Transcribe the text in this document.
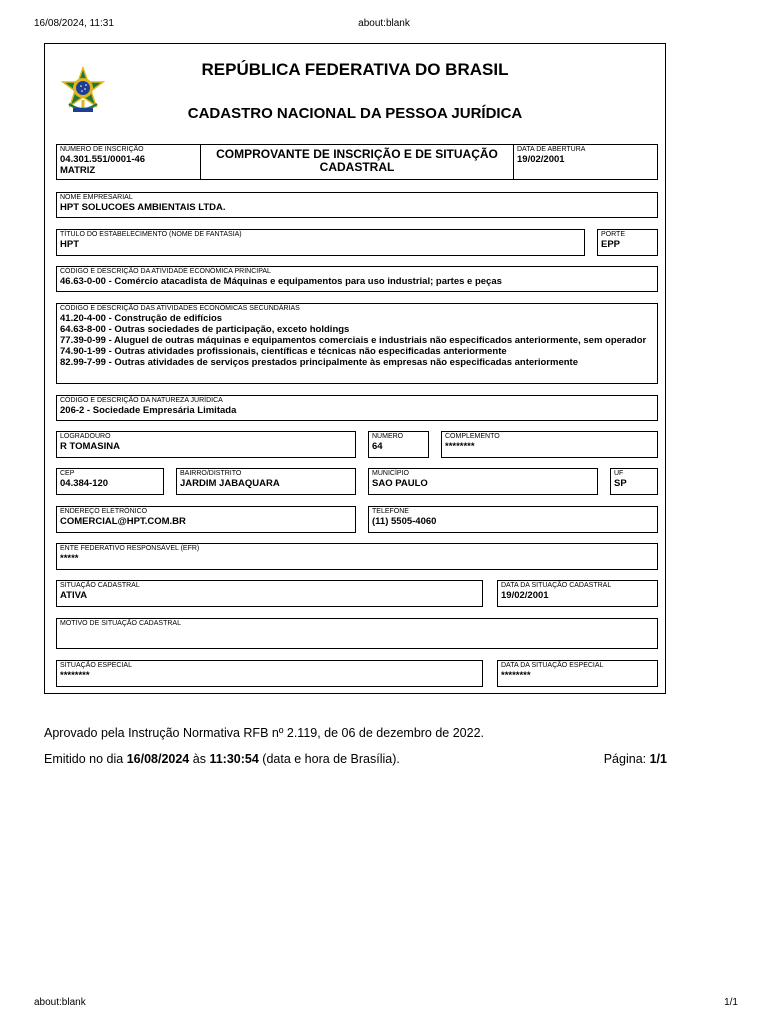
16/08/2024, 11:31	about:blank
REPÚBLICA FEDERATIVA DO BRASIL
CADASTRO NACIONAL DA PESSOA JURÍDICA
NÚMERO DE INSCRIÇÃO
04.301.551/0001-46
MATRIZ
COMPROVANTE DE INSCRIÇÃO E DE SITUAÇÃO CADASTRAL
DATA DE ABERTURA
19/02/2001
NOME EMPRESARIAL
HPT SOLUCOES AMBIENTAIS LTDA.
TÍTULO DO ESTABELECIMENTO (NOME DE FANTASIA)
HPT
PORTE
EPP
CÓDIGO E DESCRIÇÃO DA ATIVIDADE ECONÔMICA PRINCIPAL
46.63-0-00 - Comércio atacadista de Máquinas e equipamentos para uso industrial; partes e peças
CÓDIGO E DESCRIÇÃO DAS ATIVIDADES ECONÔMICAS SECUNDÁRIAS
41.20-4-00 - Construção de edifícios
64.63-8-00 - Outras sociedades de participação, exceto holdings
77.39-0-99 - Aluguel de outras máquinas e equipamentos comerciais e industriais não especificados anteriormente, sem operador
74.90-1-99 - Outras atividades profissionais, científicas e técnicas não especificadas anteriormente
82.99-7-99 - Outras atividades de serviços prestados principalmente às empresas não especificadas anteriormente
CÓDIGO E DESCRIÇÃO DA NATUREZA JURÍDICA
206-2 - Sociedade Empresária Limitada
LOGRADOURO
R TOMASINA
NÚMERO
64
COMPLEMENTO
********
CEP
04.384-120
BAIRRO/DISTRITO
JARDIM JABAQUARA
MUNICÍPIO
SAO PAULO
UF
SP
ENDEREÇO ELETRÔNICO
COMERCIAL@HPT.COM.BR
TELEFONE
(11) 5505-4060
ENTE FEDERATIVO RESPONSÁVEL (EFR)
*****
SITUAÇÃO CADASTRAL
ATIVA
DATA DA SITUAÇÃO CADASTRAL
19/02/2001
MOTIVO DE SITUAÇÃO CADASTRAL
SITUAÇÃO ESPECIAL
********
DATA DA SITUAÇÃO ESPECIAL
********
Aprovado pela Instrução Normativa RFB nº 2.119, de 06 de dezembro de 2022.
Emitido no dia 16/08/2024 às 11:30:54 (data e hora de Brasília).	Página: 1/1
about:blank	1/1
